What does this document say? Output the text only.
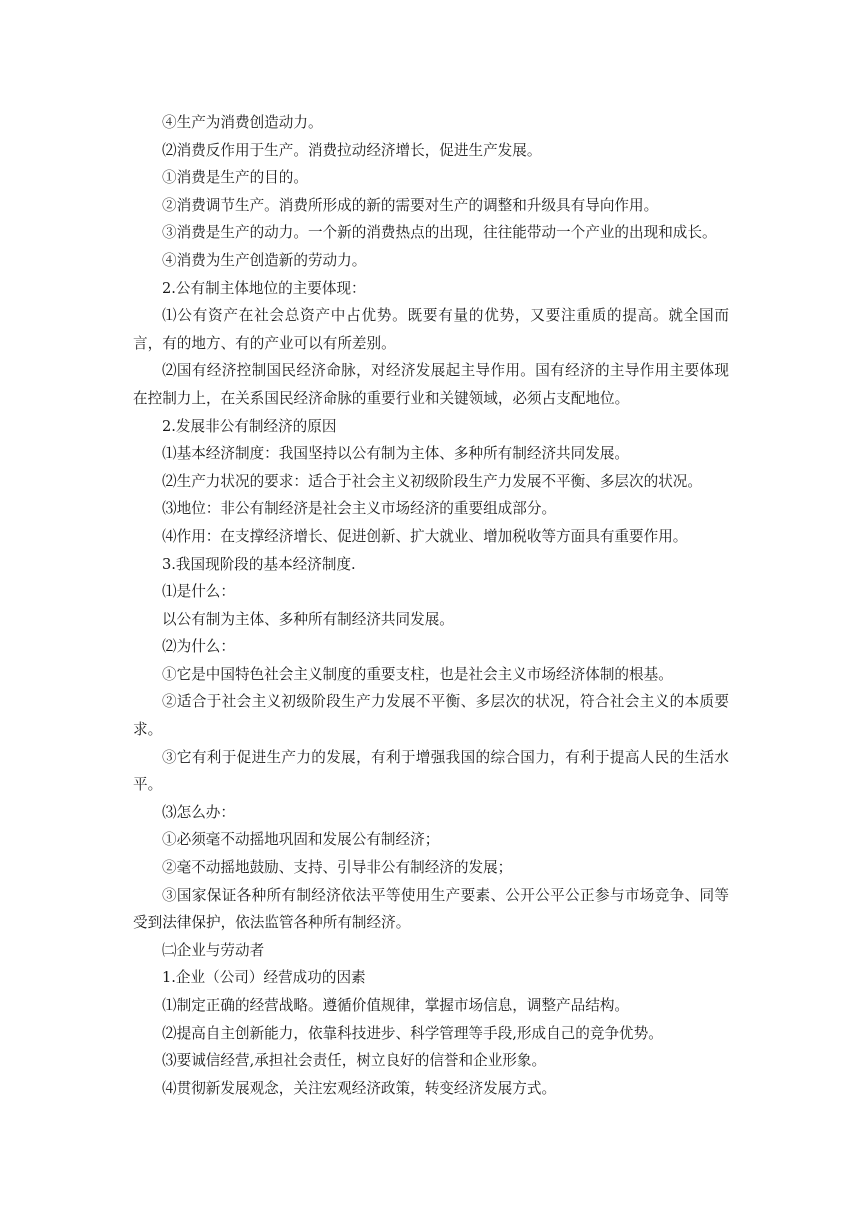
④生产为消费创造动力。

⑵消费反作用于生产。消费拉动经济增长，促进生产发展。

①消费是生产的目的。

②消费调节生产。消费所形成的新的需要对生产的调整和升级具有导向作用。

③消费是生产的动力。一个新的消费热点的出现，往往能带动一个产业的出现和成长。

④消费为生产创造新的劳动力。

2.公有制主体地位的主要体现：

⑴公有资产在社会总资产中占优势。既要有量的优势，又要注重质的提高。就全国而言，有的地方、有的产业可以有所差别。

⑵国有经济控制国民经济命脉，对经济发展起主导作用。国有经济的主导作用主要体现在控制力上，在关系国民经济命脉的重要行业和关键领域，必须占支配地位。

2.发展非公有制经济的原因

⑴基本经济制度：我国坚持以公有制为主体、多种所有制经济共同发展。

⑵生产力状况的要求：适合于社会主义初级阶段生产力发展不平衡、多层次的状况。

⑶地位：非公有制经济是社会主义市场经济的重要组成部分。

⑷作用：在支撑经济增长、促进创新、扩大就业、增加税收等方面具有重要作用。

3.我国现阶段的基本经济制度.

⑴是什么：

以公有制为主体、多种所有制经济共同发展。

⑵为什么：

①它是中国特色社会主义制度的重要支柱，也是社会主义市场经济体制的根基。

②适合于社会主义初级阶段生产力发展不平衡、多层次的状况，符合社会主义的本质要求。

③它有利于促进生产力的发展，有利于增强我国的综合国力，有利于提高人民的生活水平。

⑶怎么办：

①必须毫不动摇地巩固和发展公有制经济；

②毫不动摇地鼓励、支持、引导非公有制经济的发展；

③国家保证各种所有制经济依法平等使用生产要素、公开公平公正参与市场竞争、同等受到法律保护，依法监管各种所有制经济。

㈡企业与劳动者

1.企业（公司）经营成功的因素

⑴制定正确的经营战略。遵循价值规律，掌握市场信息，调整产品结构。

⑵提高自主创新能力，依靠科技进步、科学管理等手段,形成自己的竞争优势。

⑶要诚信经营,承担社会责任，树立良好的信誉和企业形象。

⑷贯彻新发展观念，关注宏观经济政策，转变经济发展方式。
